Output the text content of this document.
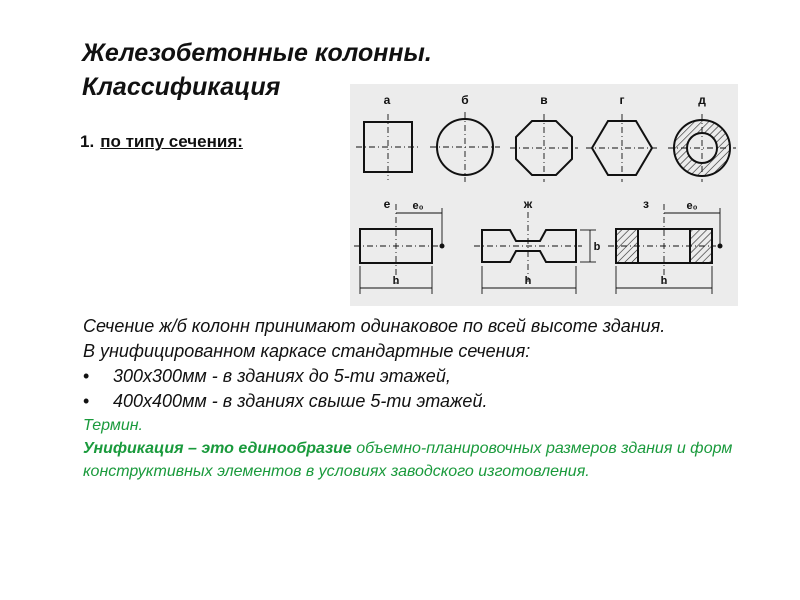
Железобетонные колонны.
Классификация
1. по типу сечения:
а	б	в	г	д
е	ж	з
e₀
h	h
b
e₀
h

Сечение ж/б колонн принимают одинаковое по всей высоте здания.

В унифицированном каркасе стандартные сечения:

•	300х300мм - в зданиях до 5-ти этажей,
•	400х400мм - в зданиях свыше 5-ти этажей.

Термин.

Унификация – это единообразие объемно-планировочных размеров здания и форм конструктивных элементов в условиях заводского изготовления.
